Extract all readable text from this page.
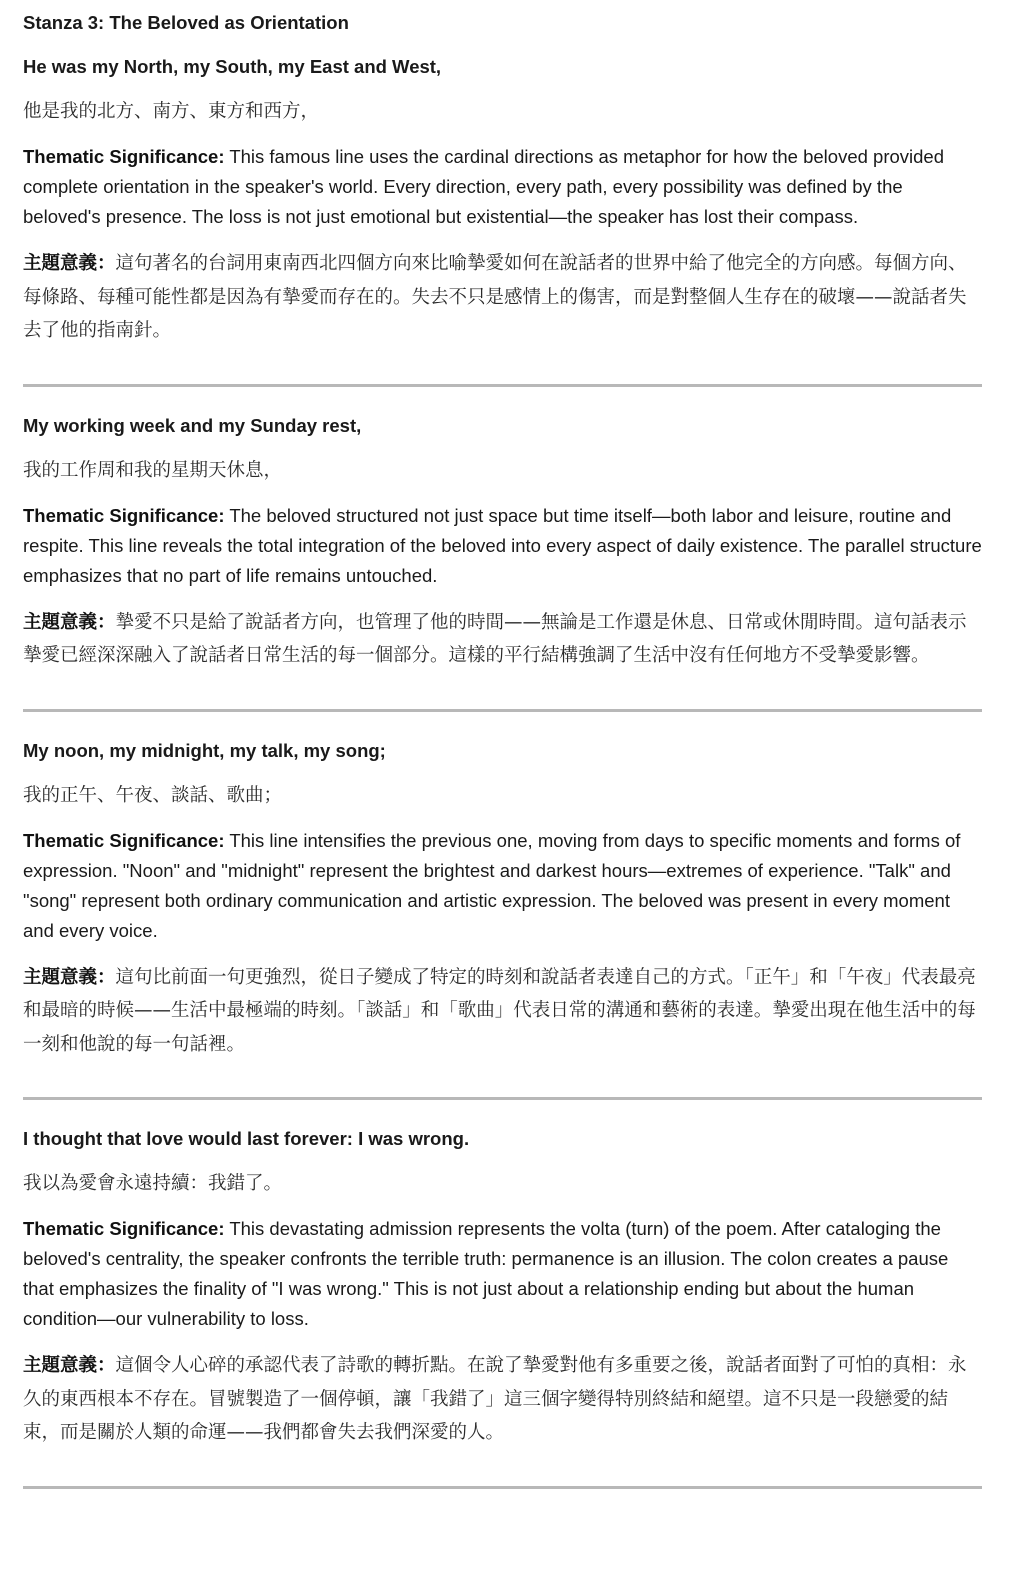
Stanza 3: The Beloved as Orientation

He was my North, my South, my East and West,

他是我的北方、南方、東方和西方，

Thematic Significance: This famous line uses the cardinal directions as metaphor for how the beloved provided complete orientation in the speaker's world. Every direction, every path, every possibility was defined by the beloved's presence. The loss is not just emotional but existential—the speaker has lost their compass.

主題意義：這句著名的台詞用東南西北四個方向來比喻摯愛如何在說話者的世界中給了他完全的方向感。每個方向、每條路、每種可能性都是因為有摯愛而存在的。失去不只是感情上的傷害，而是對整個人生存在的破壞——說話者失去了他的指南針。

My working week and my Sunday rest,

我的工作周和我的星期天休息，

Thematic Significance: The beloved structured not just space but time itself—both labor and leisure, routine and respite. This line reveals the total integration of the beloved into every aspect of daily existence. The parallel structure emphasizes that no part of life remains untouched.

主題意義：摯愛不只是給了說話者方向，也管理了他的時間——無論是工作還是休息、日常或休閒時間。這句話表示摯愛已經深深融入了說話者日常生活的每一個部分。這樣的平行結構強調了生活中沒有任何地方不受摯愛影響。

My noon, my midnight, my talk, my song;

我的正午、午夜、談話、歌曲；

Thematic Significance: This line intensifies the previous one, moving from days to specific moments and forms of expression. "Noon" and "midnight" represent the brightest and darkest hours—extremes of experience. "Talk" and "song" represent both ordinary communication and artistic expression. The beloved was present in every moment and every voice.

主題意義：這句比前面一句更強烈，從日子變成了特定的時刻和說話者表達自己的方式。「正午」和「午夜」代表最亮和最暗的時候——生活中最極端的時刻。「談話」和「歌曲」代表日常的溝通和藝術的表達。摯愛出現在他生活中的每一刻和他說的每一句話裡。

I thought that love would last forever: I was wrong.

我以為愛會永遠持續：我錯了。

Thematic Significance: This devastating admission represents the volta (turn) of the poem. After cataloging the beloved's centrality, the speaker confronts the terrible truth: permanence is an illusion. The colon creates a pause that emphasizes the finality of "I was wrong." This is not just about a relationship ending but about the human condition—our vulnerability to loss.

主題意義：這個令人心碎的承認代表了詩歌的轉折點。在說了摯愛對他有多重要之後，說話者面對了可怕的真相：永久的東西根本不存在。冒號製造了一個停頓，讓「我錯了」這三個字變得特別終結和絕望。這不只是一段戀愛的結束，而是關於人類的命運——我們都會失去我們深愛的人。
